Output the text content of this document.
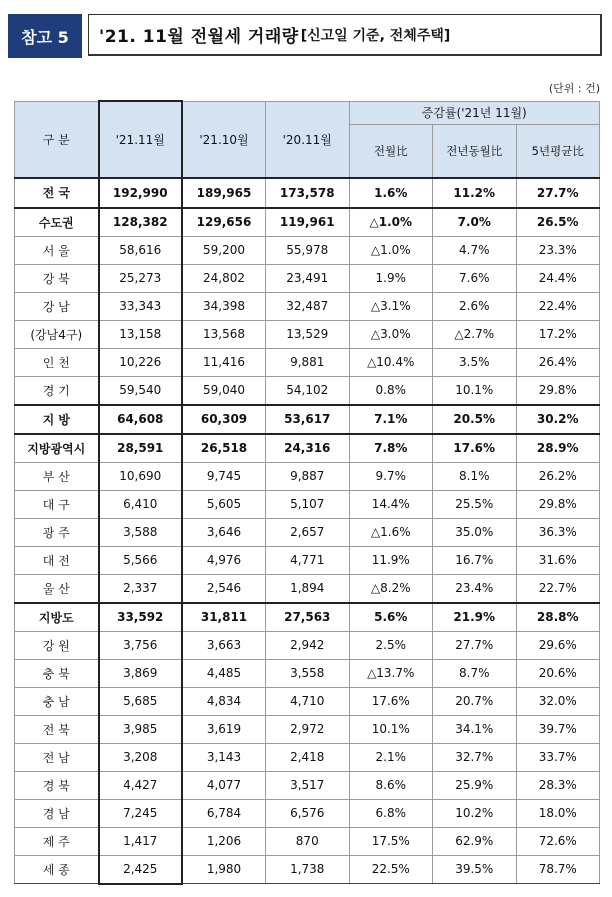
참고 5	'21. 11월 전월세 거래량 [신고일 기준, 전체주택]
(단위 : 건)
구 분	'21.11월	'21.10월	'20.11월	증감률('21년 11월)		
				전월比	전년동월比	5년평균比
전 국	192,990	189,965	173,578	1.6%	11.2%	27.7%
수도권	128,382	129,656	119,961	△1.0%	7.0%	26.5%
서 울	58,616	59,200	55,978	△1.0%	4.7%	23.3%
강 북	25,273	24,802	23,491	1.9%	7.6%	24.4%
강 남	33,343	34,398	32,487	△3.1%	2.6%	22.4%
(강남4구)	13,158	13,568	13,529	△3.0%	△2.7%	17.2%
인 천	10,226	11,416	9,881	△10.4%	3.5%	26.4%
경 기	59,540	59,040	54,102	0.8%	10.1%	29.8%
지 방	64,608	60,309	53,617	7.1%	20.5%	30.2%
지방광역시	28,591	26,518	24,316	7.8%	17.6%	28.9%
부 산	10,690	9,745	9,887	9.7%	8.1%	26.2%
대 구	6,410	5,605	5,107	14.4%	25.5%	29.8%
광 주	3,588	3,646	2,657	△1.6%	35.0%	36.3%
대 전	5,566	4,976	4,771	11.9%	16.7%	31.6%
울 산	2,337	2,546	1,894	△8.2%	23.4%	22.7%
지방도	33,592	31,811	27,563	5.6%	21.9%	28.8%
강 원	3,756	3,663	2,942	2.5%	27.7%	29.6%
충 북	3,869	4,485	3,558	△13.7%	8.7%	20.6%
충 남	5,685	4,834	4,710	17.6%	20.7%	32.0%
전 북	3,985	3,619	2,972	10.1%	34.1%	39.7%
전 남	3,208	3,143	2,418	2.1%	32.7%	33.7%
경 북	4,427	4,077	3,517	8.6%	25.9%	28.3%
경 남	7,245	6,784	6,576	6.8%	10.2%	18.0%
제 주	1,417	1,206	870	17.5%	62.9%	72.6%
세 종	2,425	1,980	1,738	22.5%	39.5%	78.7%
